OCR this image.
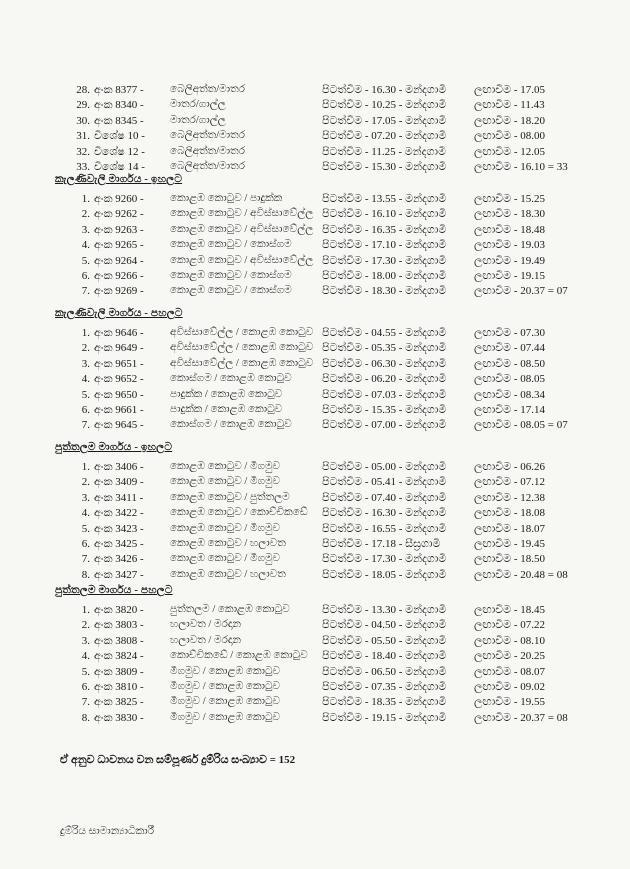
28. අංක 8377 -	බෙලිඅත්ත/මාතර	පිටත්වීම - 16.30 - මන්දගාමී	ලඟාවීම - 17.05
29. අංක 8340 -	මාතර/ගාල්ල	පිටත්වීම - 10.25 - මන්දගාමී	ලඟාවීම - 11.43
30. අංක 8345 -	මාතර/ගාල්ල	පිටත්වීම - 17.05 - මන්දගාමී	ලඟාවීම - 18.20
31. විශේෂ 10 -	බෙලිඅත්ත/මාතර	පිටත්වීම - 07.20 - මන්දගාමී	ලඟාවීම - 08.00
32. විශේෂ 12 -	බෙලිඅත්ත/මාතර	පිටත්වීම - 11.25 - මන්දගාමී	ලඟාවීම - 12.05
33. විශේෂ 14 -	බෙලිඅත්ත/මාතර	පිටත්වීම - 15.30 - මන්දගාමී	ලඟාවීම - 16.10 = 33
කැලණිවැලි මාර්ගය - ඉහලට
1. අංක 9260 -	කොළඹ කොටුව / පාදුක්ක	පිටත්වීම - 13.55 - මන්දගාමී	ලඟාවීම - 15.25
2. අංක 9262 -	කොළඹ කොටුව / අවිස්සාවේල්ල පිටත්වීම - 16.10 - මන්දගාමී	ලඟාවීම - 18.30
3. අංක 9263 -	කොළඹ කොටුව / අවිස්සාවේල්ල පිටත්වීම - 16.35 - මන්දගාමී	ලඟාවීම - 18.48
4. අංක 9265 -	කොළඹ කොටුව / කොස්ගම	පිටත්වීම - 17.10 - මන්දගාමී	ලඟාවීම - 19.03
5. අංක 9264 -	කොළඹ කොටුව / අවිස්සාවේල්ල පිටත්වීම - 17.30 - මන්දගාමී	ලඟාවීම - 19.49
6. අංක 9266 -	කොළඹ කොටුව / කොස්ගම	පිටත්වීම - 18.00 - මන්දගාමී	ලඟාවීම - 19.15
7. අංක 9269 -	කොළඹ කොටුව / කොස්ගම	පිටත්වීම - 18.30 - මන්දගාමී	ලඟාවීම - 20.37 = 07
කැලණිවැලි මාර්ගය - පහලට
1. අංක 9646 -	අවිස්සාවේල්ල / කොළඹ කොටුව පිටත්වීම - 04.55 - මන්දගාමී	ලඟාවීම - 07.30
2. අංක 9649 -	අවිස්සාවේල්ල / කොළඹ කොටුව පිටත්වීම - 05.35 - මන්දගාමී	ලඟාවීම - 07.44
3. අංක 9651 -	අවිස්සාවේල්ල / කොළඹ කොටුව පිටත්වීම - 06.30 - මන්දගාමී	ලඟාවීම - 08.50
4. අංක 9652 -	කොස්ගම / කොළඹ කොටුව	පිටත්වීම - 06.20 - මන්දගාමී	ලඟාවීම - 08.05
5. අංක 9650 -	පාදුක්ක / කොළඹ කොටුව	පිටත්වීම - 07.03 - මන්දගාමී	ලඟාවීම - 08.34
6. අංක 9661 -	පාදුක්ක / කොළඹ කොටුව	පිටත්වීම - 15.35 - මන්දගාමී	ලඟාවීම - 17.14
7. අංක 9645 -	කොස්ගම / කොළඹ කොටුව	පිටත්වීම - 07.00 - මන්දගාමී	ලඟාවීම - 08.05 = 07
පුත්තලම මාර්ගය - ඉහලට
1. අංක 3406 -	කොළඹ කොටුව / මීගමුව	පිටත්වීම - 05.00 - මන්දගාමී	ලඟාවීම - 06.26
2. අංක 3409 -	කොළඹ කොටුව / මීගමුව	පිටත්වීම - 05.41 - මන්දගාමී	ලඟාවීම - 07.12
3. අංක 3411 -	කොළඹ කොටුව / පුත්තලම	පිටත්වීම - 07.40 - මන්දගාමී	ලඟාවීම - 12.38
4. අංක 3422 -	කොළඹ කොටුව / කොච්චිකඩේ	පිටත්වීම - 16.30 - මන්දගාමී	ලඟාවීම - 18.08
5. අංක 3423 -	කොළඹ කොටුව / මීගමුව	පිටත්වීම - 16.55 - මන්දගාමී	ලඟාවීම - 18.07
6. අංක 3425 -	කොළඹ කොටුව / හලාවත	පිටත්වීම - 17.18 - සීඝ්‍රගාමී	ලඟාවීම - 19.45
7. අංක 3426 -	කොළඹ කොටුව / මීගමුව	පිටත්වීම - 17.30 - මන්දගාමී	ලඟාවීම - 18.50
8. අංක 3427 -	කොළඹ කොටුව / හලාවත	පිටත්වීම - 18.05 - මන්දගාමී	ලඟාවීම - 20.48 = 08
පුත්තලම මාර්ගය - පහලට
1. අංක 3820 -	පුත්තලම / කොළඹ කොටුව	පිටත්වීම - 13.30 - මන්දගාමී	ලඟාවීම - 18.45
2. අංක 3803 -	හලාවත / මරදාන	පිටත්වීම - 04.50 - මන්දගාමී	ලඟාවීම - 07.22
3. අංක 3808 -	හලාවත / මරදාන	පිටත්වීම - 05.50 - මන්දගාමී	ලඟාවීම - 08.10
4. අංක 3824 -	කොච්චිකඩේ / කොළඹ කොටුව	පිටත්වීම - 18.40 - මන්දගාමී	ලඟාවීම - 20.25
5. අංක 3809 -	මීගමුව / කොළඹ කොටුව	පිටත්වීම - 06.50 - මන්දගාමී	ලඟාවීම - 08.07
6. අංක 3810 -	මීගමුව / කොළඹ කොටුව	පිටත්වීම - 07.35 - මන්දගාමී	ලඟාවීම - 09.02
7. අංක 3825 -	මීගමුව / කොළඹ කොටුව	පිටත්වීම - 18.35 - මන්දගාමී	ලඟාවීම - 19.55
8. අංක 3830 -	මීගමුව / කොළඹ කොටුව	පිටත්වීම - 19.15 - මන්දගාමී	ලඟාවීම - 20.37 = 08
ඒ අනුව ධාවනය වන සම්පූර්ණ දුම්රිය සංඛ්‍යාව = 152
දුම්රිය සාමාන්‍යාධිකාරී
